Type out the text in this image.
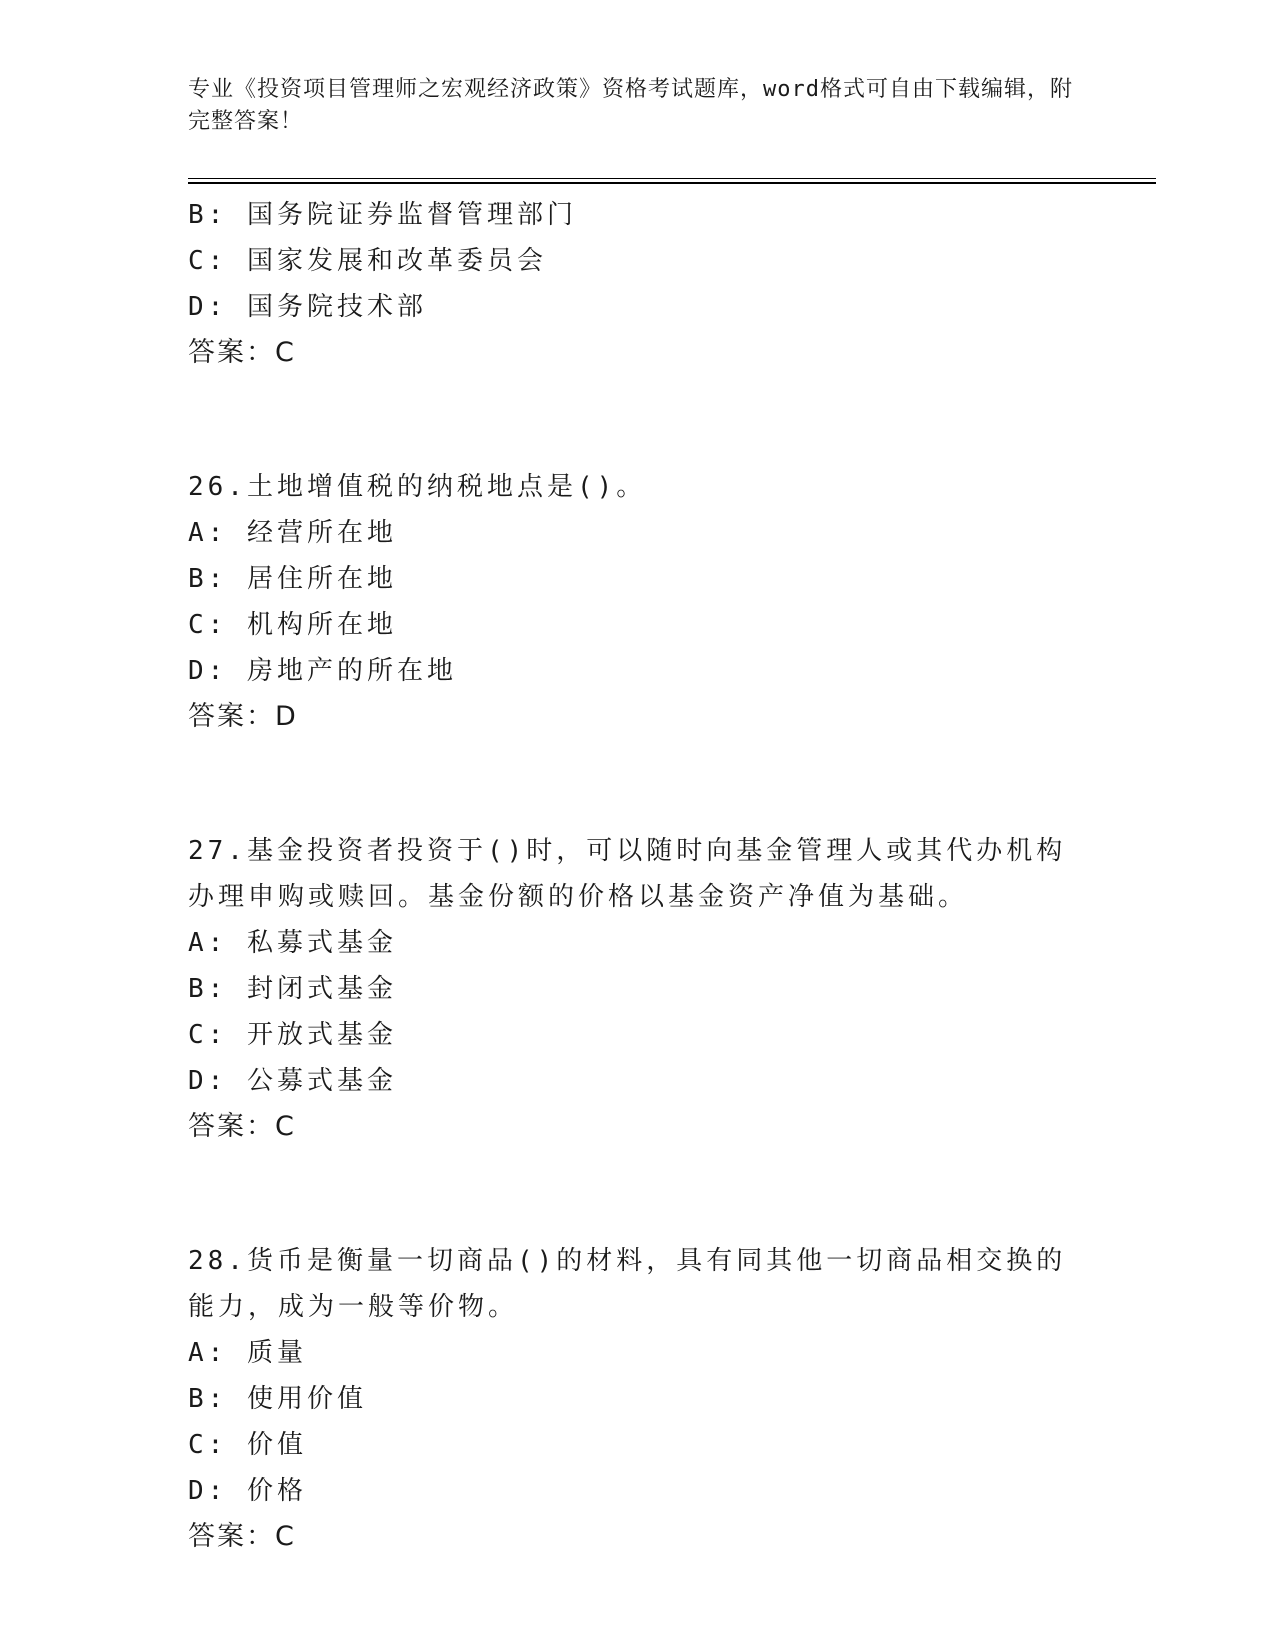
专业《投资项目管理师之宏观经济政策》资格考试题库，word格式可自由下载编辑，附完整答案！
B: 国务院证券监督管理部门
C: 国家发展和改革委员会
D: 国务院技术部
答案：C
26.土地增值税的纳税地点是()。
A: 经营所在地
B: 居住所在地
C: 机构所在地
D: 房地产的所在地
答案：D
27.基金投资者投资于()时，可以随时向基金管理人或其代办机构办理申购或赎回。基金份额的价格以基金资产净值为基础。
A: 私募式基金
B: 封闭式基金
C: 开放式基金
D: 公募式基金
答案：C
28.货币是衡量一切商品()的材料，具有同其他一切商品相交换的能力，成为一般等价物。
A: 质量
B: 使用价值
C: 价值
D: 价格
答案：C
